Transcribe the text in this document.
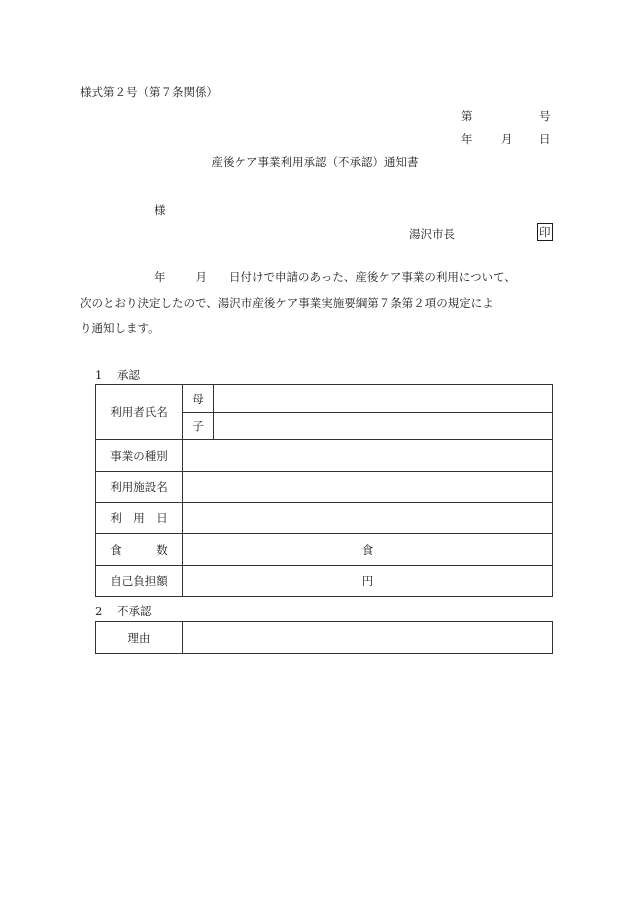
様式第２号（第７条関係）
第	号
年 月 日
産後ケア事業利用承認（不承認）通知書
様
湯沢市長	印
年	月 日付けで申請のあった、産後ケア事業の利用について、
次のとおり決定したので、湯沢市産後ケア事業実施要綱第７条第２項の規定によ
り通知します。
1 承認
利用者氏名	母	
	子	
事業の種別		
利用施設名		
利　用　日		
食　　　数	食	
自己負担額	円	
2 不承認
理由	
